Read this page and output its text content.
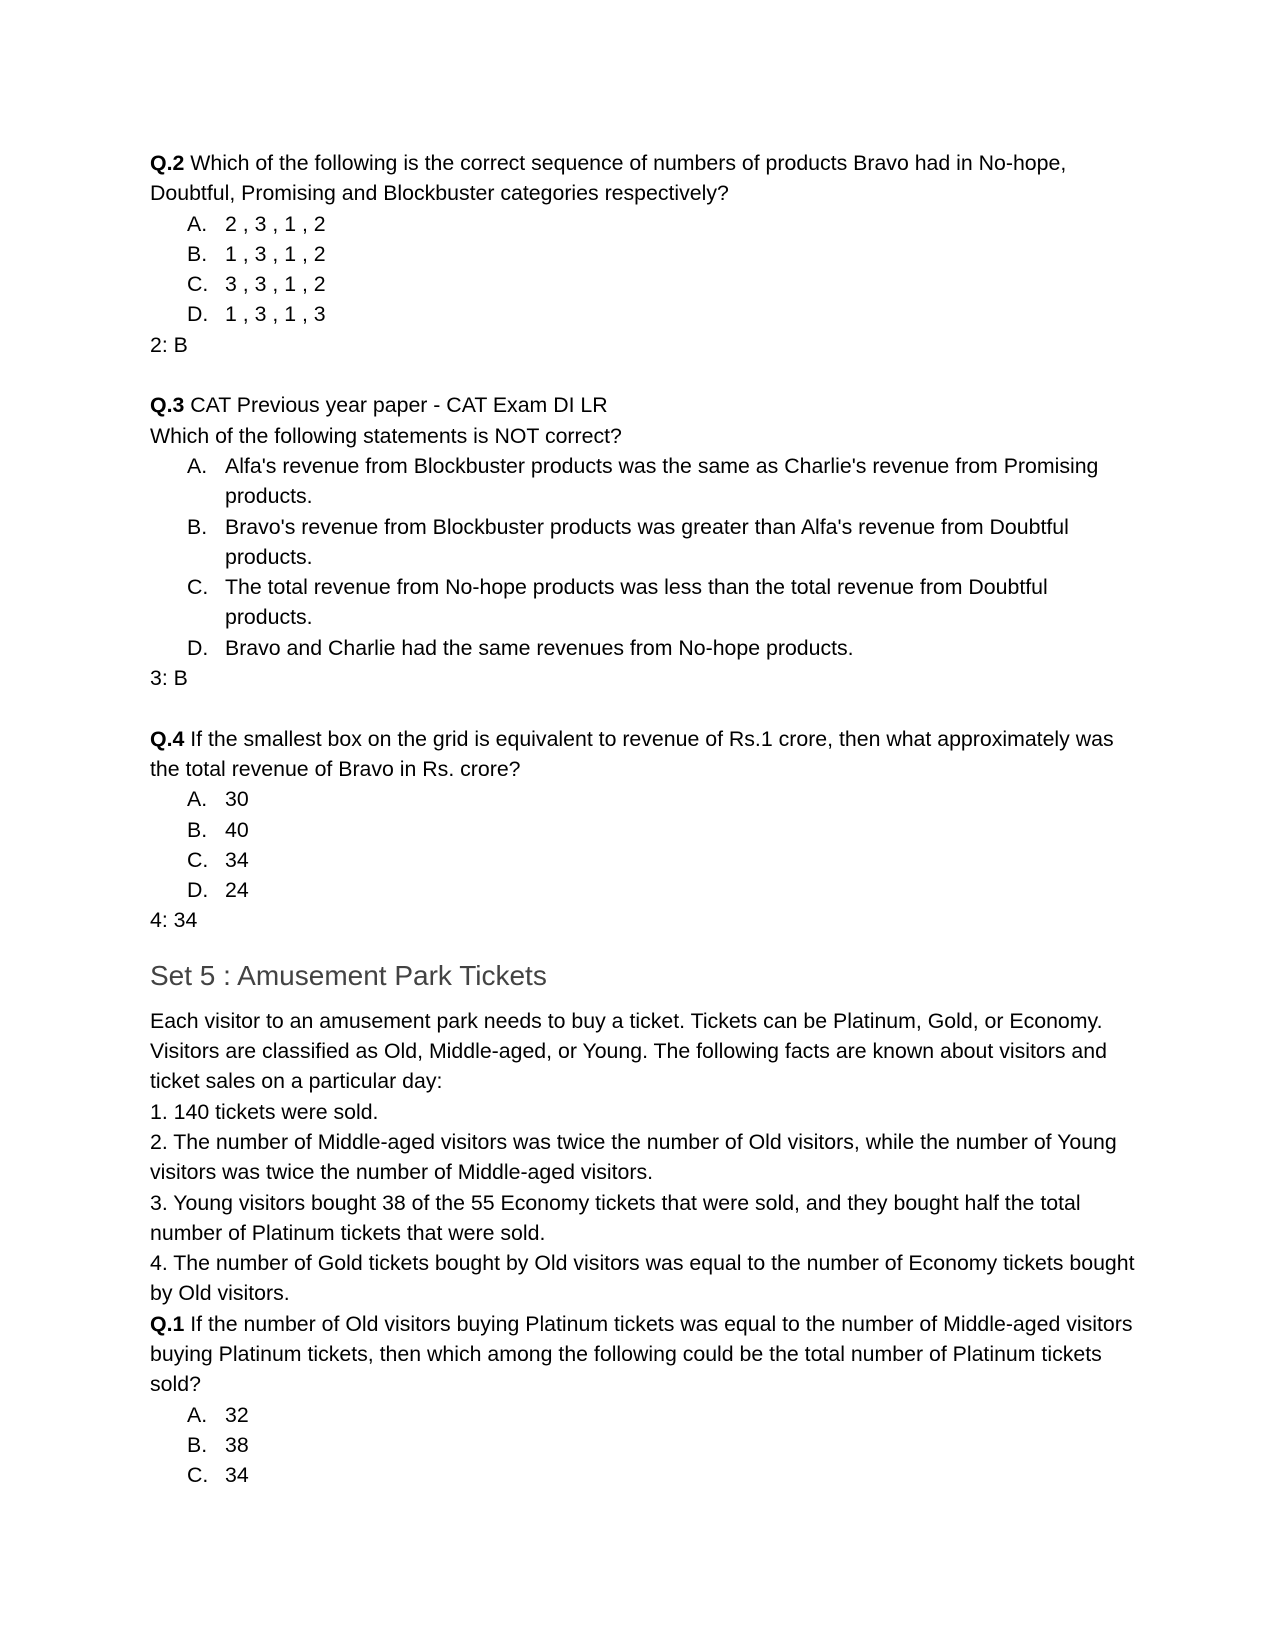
Q.2 Which of the following is the correct sequence of numbers of products Bravo had in No-hope, Doubtful, Promising and Blockbuster categories respectively?

A. 2 , 3 , 1 , 2
B. 1 , 3 , 1 , 2
C. 3 , 3 , 1 , 2
D. 1 , 3 , 1 , 3

2: B

Q.3 CAT Previous year paper - CAT Exam DI LR

Which of the following statements is NOT correct?

A. Alfa's revenue from Blockbuster products was the same as Charlie's revenue from Promising products.
B. Bravo's revenue from Blockbuster products was greater than Alfa's revenue from Doubtful products.
C. The total revenue from No-hope products was less than the total revenue from Doubtful products.
D. Bravo and Charlie had the same revenues from No-hope products.

3: B

Q.4 If the smallest box on the grid is equivalent to revenue of Rs.1 crore, then what approximately was the total revenue of Bravo in Rs. crore?

A. 30
B. 40
C. 34
D. 24

4: 34

Set 5 : Amusement Park Tickets

Each visitor to an amusement park needs to buy a ticket. Tickets can be Platinum, Gold, or Economy. Visitors are classified as Old, Middle-aged, or Young. The following facts are known about visitors and ticket sales on a particular day:

1. 140 tickets were sold.

2. The number of Middle-aged visitors was twice the number of Old visitors, while the number of Young visitors was twice the number of Middle-aged visitors.

3. Young visitors bought 38 of the 55 Economy tickets that were sold, and they bought half the total number of Platinum tickets that were sold.

4. The number of Gold tickets bought by Old visitors was equal to the number of Economy tickets bought by Old visitors.

Q.1 If the number of Old visitors buying Platinum tickets was equal to the number of Middle-aged visitors buying Platinum tickets, then which among the following could be the total number of Platinum tickets sold?

A. 32
B. 38
C. 34
